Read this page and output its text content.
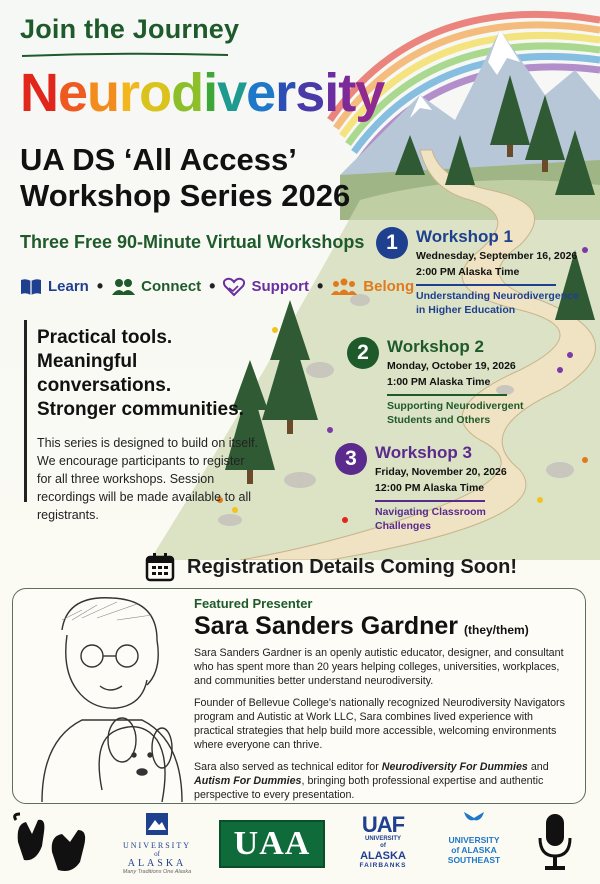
Join the Journey
Neurodiversity
UA DS ‘All Access’
Workshop Series 2026
Three Free 90-Minute Virtual Workshops
Learn •	Connect • Support •	Belong
Practical tools.
Meaningful conversations.
Stronger communities.
This series is designed to build on itself. We encourage participants to register for all three workshops. Session recordings will be made available to all registrants.
1	Workshop 1
Wednesday, September 16, 2026
2:00 PM Alaska Time
Understanding Neurodivergence
in Higher Education
2	Workshop 2
Monday, October 19, 2026
1:00 PM Alaska Time
Supporting Neurodivergent
Students and Others
3	Workshop 3
Friday, November 20, 2026
12:00 PM Alaska Time
Navigating Classroom
Challenges
Registration Details Coming Soon!
Featured Presenter
Sara Sanders Gardner (they/them)

Sara Sanders Gardner is an openly autistic educator, designer, and consultant who has spent more than 20 years helping colleges, universities, workplaces, and communities better understand neurodiversity.

Founder of Bellevue College's nationally recognized Neurodiversity Navigators program and Autistic at Work LLC, Sara combines lived experience with practical strategies that help build more accessible, welcoming environments where everyone can thrive.

Sara also served as technical editor for Neurodiversity For Dummies and Autism For Dummies, bringing both professional expertise and authentic perspective to every presentation.

UNIVERSITY
of
ALASKA
Many Traditions One Alaska
UAA
UAF
UNIVERSITY
of
ALASKA
FAIRBANKS
UNIVERSITY
of ALASKA
SOUTHEAST
